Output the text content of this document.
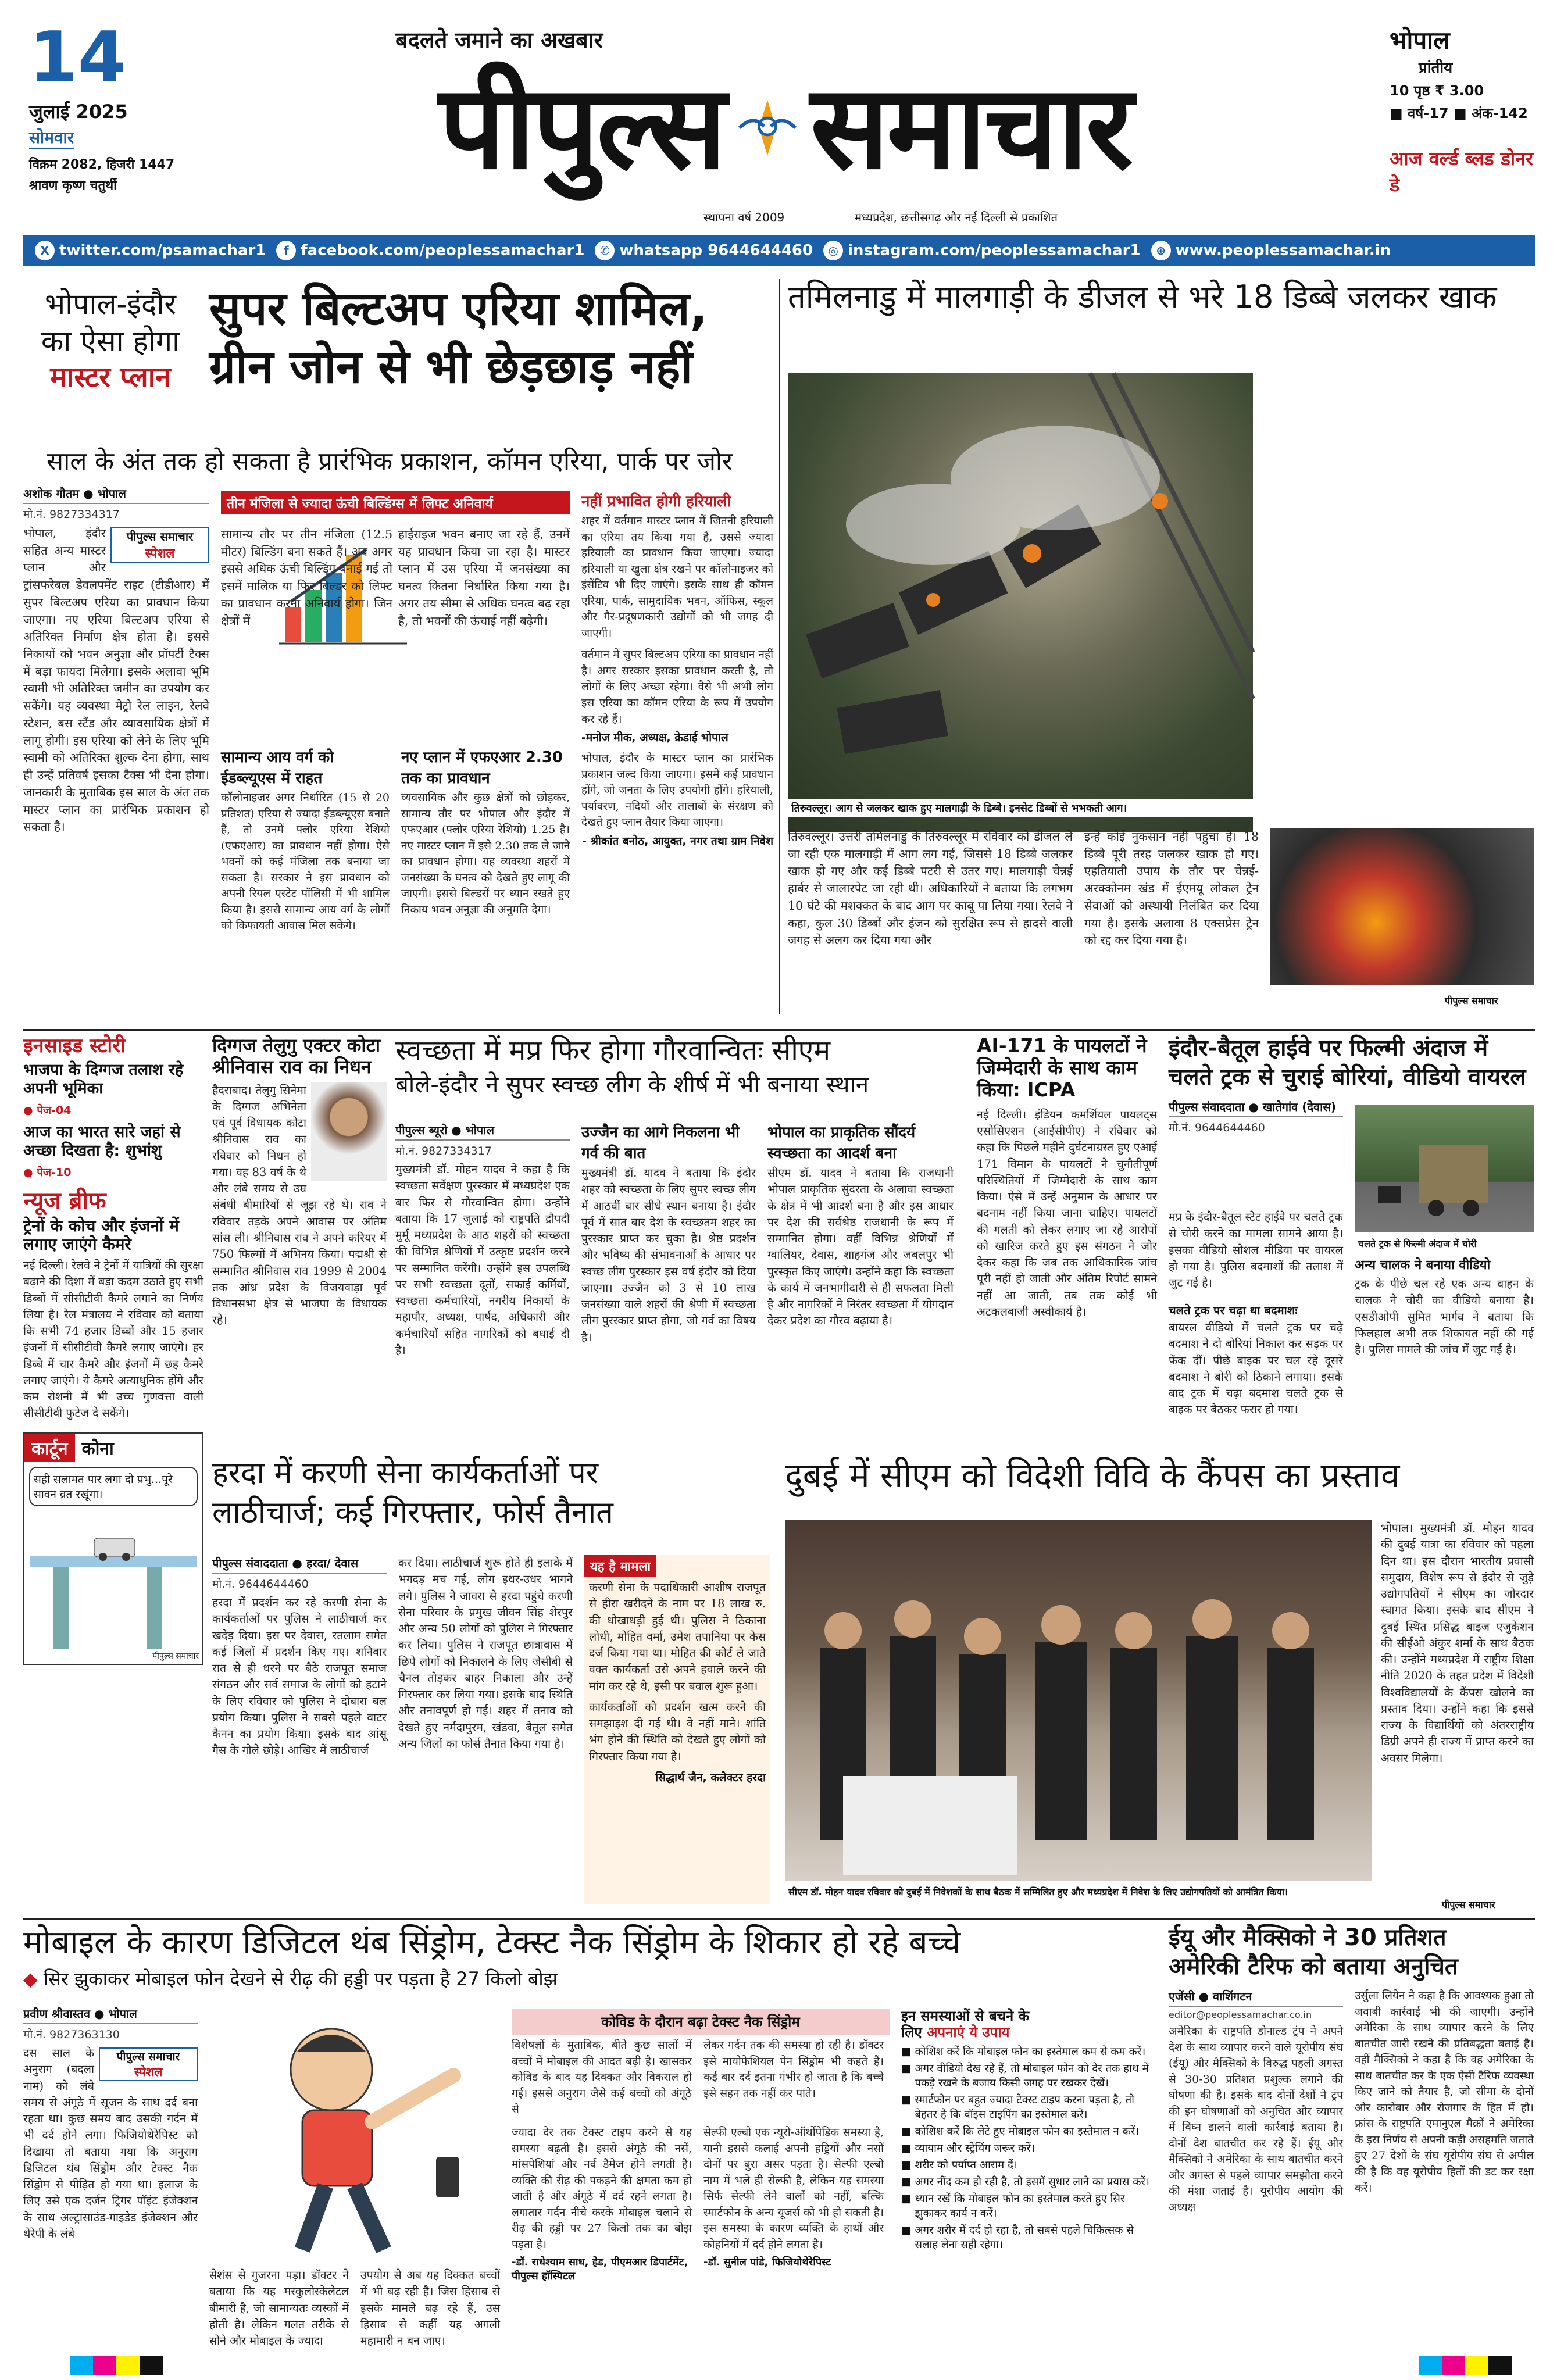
14
जुलाई 2025
सोमवार
विक्रम 2082, हिजरी 1447
श्रावण कृष्ण चतुर्थी
बदलते जमाने का अखबार
पीपुल्स समाचार
स्थापना वर्ष 2009	मध्यप्रदेश, छत्तीसगढ़ और नई दिल्ली से प्रकाशित
भोपाल
प्रांतीय
10 पृष्ठ ₹ 3.00
■ वर्ष-17 ■ अंक-142
आज वर्ल्ड ब्लड डोनर डे
X twitter.com/psamachar1	f facebook.com/peoplessamachar1	✆ whatsapp 9644644460	◎ instagram.com/peoplessamachar1	⊕ www.peoplessamachar.in
भोपाल-इंदौर
का ऐसा होगा
मास्टर प्लान
सुपर बिल्टअप एरिया शामिल,
ग्रीन जोन से भी छेड़छाड़ नहीं
साल के अंत तक हो सकता है प्रारंभिक प्रकाशन, कॉमन एरिया, पार्क पर जोर
अशोक गौतम ● भोपाल
मो.नं. 9827334317
पीपुल्स समाचार
स्पेशल
भोपाल, इंदौर सहित अन्य मास्टर प्लान और ट्रांसफरेबल डेवलपमेंट राइट (टीडीआर) में सुपर बिल्टअप एरिया का प्रावधान किया जाएगा। नए एरिया बिल्टअप एरिया से अतिरिक्त निर्माण क्षेत्र होता है। इससे निकायों को भवन अनुज्ञा और प्रॉपर्टी टैक्स में बड़ा फायदा मिलेगा। इसके अलावा भूमि स्वामी भी अतिरिक्त जमीन का उपयोग कर सकेंगे। यह व्यवस्था मेट्रो रेल लाइन, रेलवे स्टेशन, बस स्टैंड और व्यावसायिक क्षेत्रों में लागू होगी। इस एरिया को लेने के लिए भूमि स्वामी को अतिरिक्त शुल्क देना होगा, साथ ही उन्हें प्रतिवर्ष इसका टैक्स भी देना होगा। जानकारी के मुताबिक इस साल के अंत तक मास्टर प्लान का प्रारंभिक प्रकाशन हो सकता है।
तीन मंजिला से ज्यादा ऊंची बिल्डिंग्स में लिफ्ट अनिवार्य
सामान्य तौर पर तीन मंजिला (12.5 मीटर) बिल्डिंग बना सकते हैं। अब अगर इससे अधिक ऊंची बिल्डिंग बनाई गई तो इसमें मालिक या फिर बिल्डर को लिफ्ट का प्रावधान करना अनिवार्य होगा। जिन क्षेत्रों में
हाईराइज भवन बनाए जा रहे हैं, उनमें यह प्रावधान किया जा रहा है। मास्टर प्लान में उस एरिया में जनसंख्या का घनत्व कितना निर्धारित किया गया है। अगर तय सीमा से अधिक घनत्व बढ़ रहा है, तो भवनों की ऊंचाई नहीं बढ़ेगी।
सामान्य आय वर्ग को ईडब्ल्यूएस में राहत
कॉलोनाइजर अगर निर्धारित (15 से 20 प्रतिशत) एरिया से ज्यादा ईडब्ल्यूएस बनाते हैं, तो उनमें फ्लोर एरिया रेशियो (एफएआर) का प्रावधान नहीं होगा। ऐसे भवनों को कई मंजिला तक बनाया जा सकता है। सरकार ने इस प्रावधान को अपनी रियल एस्टेट पॉलिसी में भी शामिल किया है। इससे सामान्य आय वर्ग के लोगों को किफायती आवास मिल सकेंगे।
नए प्लान में एफएआर 2.30 तक का प्रावधान
व्यवसायिक और कुछ क्षेत्रों को छोड़कर, सामान्य तौर पर भोपाल और इंदौर में एफएआर (फ्लोर एरिया रेशियो) 1.25 है। नए मास्टर प्लान में इसे 2.30 तक ले जाने का प्रावधान होगा। यह व्यवस्था शहरों में जनसंख्या के घनत्व को देखते हुए लागू की जाएगी। इससे बिल्डरों पर ध्यान रखते हुए निकाय भवन अनुज्ञा की अनुमति देगा।
नहीं प्रभावित होगी हरियाली
शहर में वर्तमान मास्टर प्लान में जितनी हरियाली का एरिया तय किया गया है, उससे ज्यादा हरियाली का प्रावधान किया जाएगा। ज्यादा हरियाली या खुला क्षेत्र रखने पर कॉलोनाइजर को इंसेंटिव भी दिए जाएंगे। इसके साथ ही कॉमन एरिया, पार्क, सामुदायिक भवन, ऑफिस, स्कूल और गैर-प्रदूषणकारी उद्योगों को भी जगह दी जाएगी।
वर्तमान में सुपर बिल्टअप एरिया का प्रावधान नहीं है। अगर सरकार इसका प्रावधान करती है, तो लोगों के लिए अच्छा रहेगा। वैसे भी अभी लोग इस एरिया का कॉमन एरिया के रूप में उपयोग कर रहे हैं।
-मनोज मीक, अध्यक्ष, क्रेडाई भोपाल
भोपाल, इंदौर के मास्टर प्लान का प्रारंभिक प्रकाशन जल्द किया जाएगा। इसमें कई प्रावधान होंगे, जो जनता के लिए उपयोगी होंगे। हरियाली, पर्यावरण, नदियों और तालाबों के संरक्षण को देखते हुए प्लान तैयार किया जाएगा।
- श्रीकांत बनोठ, आयुक्त, नगर तथा ग्राम निवेश
तमिलनाडु में मालगाड़ी के डीजल से भरे 18 डिब्बे जलकर खाक
तिरुवल्लूर। आग से जलकर खाक हुए मालगाड़ी के डिब्बे। इनसेट डिब्बों से भभकती आग।
तिरुवल्लूर। उत्तरी तमिलनाडु के तिरुवल्लूर में रविवार को डीजल ले जा रही एक मालगाड़ी में आग लग गई, जिससे 18 डिब्बे जलकर खाक हो गए और कई डिब्बे पटरी से उतर गए। मालगाड़ी चेन्नई हार्बर से जालारपेट जा रही थी। अधिकारियों ने बताया कि लगभग 10 घंटे की मशक्कत के बाद आग पर काबू पा लिया गया। रेलवे ने कहा, कुल 30 डिब्बों और इंजन को सुरक्षित रूप से हादसे वाली जगह से अलग कर दिया गया और
इन्हें कोई नुकसान नहीं पहुंचा है। 18 डिब्बे पूरी तरह जलकर खाक हो गए। एहतियाती उपाय के तौर पर चेन्नई-अरक्कोनम खंड में ईएमयू लोकल ट्रेन सेवाओं को अस्थायी निलंबित कर दिया गया है। इसके अलावा 8 एक्सप्रेस ट्रेन को रद्द कर दिया गया है।
पीपुल्स समाचार
इनसाइड स्टोरी
भाजपा के दिग्गज तलाश रहे अपनी भूमिका
● पेज-04
आज का भारत सारे जहां से अच्छा दिखता है: शुभांशु
● पेज-10
न्यूज ब्रीफ
ट्रेनों के कोच और इंजनों में लगाए जाएंगे कैमरे
नई दिल्ली। रेलवे ने ट्रेनों में यात्रियों की सुरक्षा बढ़ाने की दिशा में बड़ा कदम उठाते हुए सभी डिब्बों में सीसीटीवी कैमरे लगाने का निर्णय लिया है। रेल मंत्रालय ने रविवार को बताया कि सभी 74 हजार डिब्बों और 15 हजार इंजनों में सीसीटीवी कैमरे लगाए जाएंगे। हर डिब्बे में चार कैमरे और इंजनों में छह कैमरे लगाए जाएंगे। ये कैमरे अत्याधुनिक होंगे और कम रोशनी में भी उच्च गुणवत्ता वाली सीसीटीवी फुटेज दे सकेंगे।
कार्टून कोना
सही सलामत पार लगा दो प्रभु...पूरे सावन व्रत रखूंगा।
पीपुल्स समाचार
दिग्गज तेलुगु एक्टर कोटा श्रीनिवास राव का निधन
हैदराबाद। तेलुगु सिनेमा के दिग्गज अभिनेता एवं पूर्व विधायक कोटा श्रीनिवास राव का रविवार को निधन हो गया। वह 83 वर्ष के थे और लंबे समय से उम्र संबंधी बीमारियों से जूझ रहे थे। राव ने रविवार तड़के अपने आवास पर अंतिम सांस ली। श्रीनिवास राव ने अपने करियर में 750 फिल्मों में अभिनय किया। पद्मश्री से सम्मानित श्रीनिवास राव 1999 से 2004 तक आंध्र प्रदेश के विजयवाड़ा पूर्व विधानसभा क्षेत्र से भाजपा के विधायक रहे।
स्वच्छता में मप्र फिर होगा गौरवान्वितः सीएम
बोले-इंदौर ने सुपर स्वच्छ लीग के शीर्ष में भी बनाया स्थान
पीपुल्स ब्यूरो ● भोपाल
मो.नं. 9827334317
मुख्यमंत्री डॉ. मोहन यादव ने कहा है कि स्वच्छता सर्वेक्षण पुरस्कार में मध्यप्रदेश एक बार फिर से गौरवान्वित होगा। उन्होंने बताया कि 17 जुलाई को राष्ट्रपति द्रौपदी मुर्मू मध्यप्रदेश के आठ शहरों को स्वच्छता की विभिन्न श्रेणियों में उत्कृष्ट प्रदर्शन करने पर सम्मानित करेंगी। उन्होंने इस उपलब्धि पर सभी स्वच्छता दूतों, सफाई कर्मियों, स्वच्छता कर्मचारियों, नगरीय निकायों के महापौर, अध्यक्ष, पार्षद, अधिकारी और कर्मचारियों सहित नागरिकों को बधाई दी है।
उज्जैन का आगे निकलना भी गर्व की बात
मुख्यमंत्री डॉ. यादव ने बताया कि इंदौर शहर को स्वच्छता के लिए सुपर स्वच्छ लीग में आठवीं बार सीधे स्थान बनाया है। इंदौर पूर्व में सात बार देश के स्वच्छतम शहर का पुरस्कार प्राप्त कर चुका है। श्रेष्ठ प्रदर्शन और भविष्य की संभावनाओं के आधार पर स्वच्छ लीग पुरस्कार इस वर्ष इंदौर को दिया जाएगा। उज्जैन को 3 से 10 लाख जनसंख्या वाले शहरों की श्रेणी में स्वच्छता लीग पुरस्कार प्राप्त होगा, जो गर्व का विषय है।
भोपाल का प्राकृतिक सौंदर्य स्वच्छता का आदर्श बना
सीएम डॉ. यादव ने बताया कि राजधानी भोपाल प्राकृतिक सुंदरता के अलावा स्वच्छता के क्षेत्र में भी आदर्श बना है और इस आधार पर देश की सर्वश्रेष्ठ राजधानी के रूप में सम्मानित होगा। वहीं विभिन्न श्रेणियों में ग्वालियर, देवास, शाहगंज और जबलपुर भी पुरस्कृत किए जाएंगे। उन्होंने कहा कि स्वच्छता के कार्य में जनभागीदारी से ही सफलता मिली है और नागरिकों ने निरंतर स्वच्छता में योगदान देकर प्रदेश का गौरव बढ़ाया है।
AI-171 के पायलटों ने जिम्मेदारी के साथ काम किया: ICPA
नई दिल्ली। इंडियन कमर्शियल पायलट्स एसोसिएशन (आईसीपीए) ने रविवार को कहा कि पिछले महीने दुर्घटनाग्रस्त हुए एआई 171 विमान के पायलटों ने चुनौतीपूर्ण परिस्थितियों में जिम्मेदारी के साथ काम किया। ऐसे में उन्हें अनुमान के आधार पर बदनाम नहीं किया जाना चाहिए। पायलटों की गलती को लेकर लगाए जा रहे आरोपों को खारिज करते हुए इस संगठन ने जोर देकर कहा कि जब तक आधिकारिक जांच पूरी नहीं हो जाती और अंतिम रिपोर्ट सामने नहीं आ जाती, तब तक कोई भी अटकलबाजी अस्वीकार्य है।
इंदौर-बैतूल हाईवे पर फिल्मी अंदाज में
चलते ट्रक से चुराई बोरियां, वीडियो वायरल
पीपुल्स संवाददाता ● खातेगांव (देवास)
मो.नं. 9644644460
मप्र के इंदौर-बैतूल स्टेट हाईवे पर चलते ट्रक से चोरी करने का मामला सामने आया है। इसका वीडियो सोशल मीडिया पर वायरल हो गया है। पुलिस बदमाशों की तलाश में जुट गई है।
चलते ट्रक पर चढ़ा था बदमाशः
बायरल वीडियो में चलते ट्रक पर चढ़े बदमाश ने दो बोरियां निकाल कर सड़क पर फेंक दीं। पीछे बाइक पर चल रहे दूसरे बदमाश ने बोरी को ठिकाने लगाया। इसके बाद ट्रक में चढ़ा बदमाश चलते ट्रक से बाइक पर बैठकर फरार हो गया।
चलते ट्रक से फिल्मी अंदाज में चोरी
अन्य चालक ने बनाया वीडियो
ट्रक के पीछे चल रहे एक अन्य वाहन के चालक ने चोरी का वीडियो बनाया है। एसडीओपी सुमित भार्गव ने बताया कि फिलहाल अभी तक शिकायत नहीं की गई है। पुलिस मामले की जांच में जुट गई है।
हरदा में करणी सेना कार्यकर्ताओं पर
लाठीचार्ज; कई गिरफ्तार, फोर्स तैनात
पीपुल्स संवाददाता ● हरदा/ देवास
मो.नं. 9644644460
हरदा में प्रदर्शन कर रहे करणी सेना के कार्यकर्ताओं पर पुलिस ने लाठीचार्ज कर खदेड़ दिया। इस पर देवास, रतलाम समेत कई जिलों में प्रदर्शन किए गए। शनिवार रात से ही धरने पर बैठे राजपूत समाज संगठन और सर्व समाज के लोगों को हटाने के लिए रविवार को पुलिस ने दोबारा बल प्रयोग किया। पुलिस ने सबसे पहले वाटर कैनन का प्रयोग किया। इसके बाद आंसू गैस के गोले छोड़े। आखिर में लाठीचार्ज
कर दिया। लाठीचार्ज शुरू होते ही इलाके में भगदड़ मच गई, लोग इधर-उधर भागने लगे। पुलिस ने जावरा से हरदा पहुंचे करणी सेना परिवार के प्रमुख जीवन सिंह शेरपुर और अन्य 50 लोगों को पुलिस ने गिरफ्तार कर लिया। पुलिस ने राजपूत छात्रावास में छिपे लोगों को निकालने के लिए जेसीबी से चैनल तोड़कर बाहर निकाला और उन्हें गिरफ्तार कर लिया गया। इसके बाद स्थिति और तनावपूर्ण हो गई। शहर में तनाव को देखते हुए नर्मदापुरम, खंडवा, बैतूल समेत अन्य जिलों का फोर्स तैनात किया गया है।
यह है मामला
करणी सेना के पदाधिकारी आशीष राजपूत से हीरा खरीदने के नाम पर 18 लाख रु. की धोखाधड़ी हुई थी। पुलिस ने ठिकाना लोधी, मोहित वर्मा, उमेश तपानिया पर केस दर्ज किया गया था। मोहित की कोर्ट ले जाते वक्त कार्यकर्ता उसे अपने हवाले करने की मांग कर रहे थे, इसी पर बवाल शुरू हुआ।
कार्यकर्ताओं को प्रदर्शन खत्म करने की समझाइश दी गई थी। वे नहीं माने। शांति भंग होने की स्थिति को देखते हुए लोगों को गिरफ्तार किया गया है।
सिद्धार्थ जैन, कलेक्टर हरदा
दुबई में सीएम को विदेशी विवि के कैंपस का प्रस्ताव
सीएम डॉ. मोहन यादव रविवार को दुबई में निवेशकों के साथ बैठक में सम्मिलित हुए और मध्यप्रदेश में निवेश के लिए उद्योगपतियों को आमंत्रित किया।
भोपाल। मुख्यमंत्री डॉ. मोहन यादव की दुबई यात्रा का रविवार को पहला दिन था। इस दौरान भारतीय प्रवासी समुदाय, विशेष रूप से इंदौर से जुड़े उद्योगपतियों ने सीएम का जोरदार स्वागत किया। इसके बाद सीएम ने दुबई स्थित प्रसिद्ध बाइज एजुकेशन की सीईओ अंकुर शर्मा के साथ बैठक की। उन्होंने मध्यप्रदेश में राष्ट्रीय शिक्षा नीति 2020 के तहत प्रदेश में विदेशी विश्वविद्यालयों के कैंपस खोलने का प्रस्ताव दिया। उन्होंने कहा कि इससे राज्य के विद्यार्थियों को अंतरराष्ट्रीय डिग्री अपने ही राज्य में प्राप्त करने का अवसर मिलेगा।
पीपुल्स समाचार
मोबाइल के कारण डिजिटल थंब सिंड्रोम, टेक्स्ट नैक सिंड्रोम के शिकार हो रहे बच्चे
◆ सिर झुकाकर मोबाइल फोन देखने से रीढ़ की हड्डी पर पड़ता है 27 किलो बोझ
प्रवीण श्रीवास्तव ● भोपाल
मो.नं. 9827363130
पीपुल्स समाचार
स्पेशल
दस साल के अनुराग (बदला नाम) को लंबे समय से अंगूठे में सूजन के साथ दर्द बना रहता था। कुछ समय बाद उसकी गर्दन में भी दर्द होने लगा। फिजियोथेरेपिस्ट को दिखाया तो बताया गया कि अनुराग डिजिटल थंब सिंड्रोम और टेक्स्ट नैक सिंड्रोम से पीड़ित हो गया था। इलाज के लिए उसे एक दर्जन ट्रिगर पॉइंट इंजेक्शन के साथ अल्ट्रासाउंड-गाइडेड इंजेक्शन और थेरेपी के लंबे
सेशंस से गुजरना पड़ा। डॉक्टर ने बताया कि यह मस्कुलोस्केलेटल बीमारी है, जो सामान्यतः व्यस्कों में होती है। लेकिन गलत तरीके से सोने और मोबाइल के ज्यादा
उपयोग से अब यह दिक्कत बच्चों में भी बढ़ रही है। जिस हिसाब से इसके मामले बढ़ रहे हैं, उस हिसाब से कहीं यह अगली महामारी न बन जाए।
कोविड के दौरान बढ़ा टेक्स्ट नैक सिंड्रोम
विशेषज्ञों के मुताबिक, बीते कुछ सालों में बच्चों में मोबाइल की आदत बढ़ी है। खासकर कोविड के बाद यह दिक्कत और विकराल हो गई। इससे अनुराग जैसे कई बच्चों को अंगूठे से
लेकर गर्दन तक की समस्या हो रही है। डॉक्टर इसे मायोफेशियल पेन सिंड्रोम भी कहते हैं। कई बार दर्द इतना गंभीर हो जाता है कि बच्चे इसे सहन तक नहीं कर पाते।
ज्यादा देर तक टेक्स्ट टाइप करने से यह समस्या बढ़ती है। इससे अंगूठे की नसें, मांसपेशियां और नर्व डैमेज होने लगती हैं। व्यक्ति की रीढ़ की पकड़ने की क्षमता कम हो जाती है और अंगूठे में दर्द रहने लगता है। लगातार गर्दन नीचे करके मोबाइल चलाने से रीढ़ की हड्डी पर 27 किलो तक का बोझ पड़ता है।
-डॉ. राधेश्याम साध, हेड, पीएमआर डिपार्टमेंट, पीपुल्स हॉस्पिटल
सेल्फी एल्बो एक न्यूरो-ऑर्थोपेडिक समस्या है, यानी इससे कलाई अपनी हड्डियों और नसों दोनों पर बुरा असर पड़ता है। सेल्फी एल्बो नाम में भले ही सेल्फी है, लेकिन यह समस्या सिर्फ सेल्फी लेने वालों को नहीं, बल्कि स्मार्टफोन के अन्य यूजर्स को भी हो सकती है। इस समस्या के कारण व्यक्ति के हाथों और कोहनियों में दर्द होने लगता है।
-डॉ. सुनील पांडे, फिजियोथेरेपिस्ट
इन समस्याओं से बचने के
लिए अपनाएं ये उपाय
■ कोशिश करें कि मोबाइल फोन का इस्तेमाल कम से कम करें।
■ अगर वीडियो देख रहे हैं, तो मोबाइल फोन को देर तक हाथ में पकड़े रखने के बजाय किसी जगह पर रखकर देखें।
■ स्मार्टफोन पर बहुत ज्यादा टेक्स्ट टाइप करना पड़ता है, तो बेहतर है कि वॉइस टाइपिंग का इस्तेमाल करें।
■ कोशिश करें कि लेटे हुए मोबाइल फोन का इस्तेमाल न करें।
■ व्यायाम और स्ट्रेचिंग जरूर करें।
■ शरीर को पर्याप्त आराम दें।
■ अगर नींद कम हो रही है, तो इसमें सुधार लाने का प्रयास करें।
■ ध्यान रखें कि मोबाइल फोन का इस्तेमाल करते हुए सिर झुकाकर कार्य न करें।
■ अगर शरीर में दर्द हो रहा है, तो सबसे पहले चिकित्सक से सलाह लेना सही रहेगा।
ईयू और मैक्सिको ने 30 प्रतिशत
अमेरिकी टैरिफ को बताया अनुचित
एजेंसी ● वाशिंगटन
editor@peoplessamachar.co.in
अमेरिका के राष्ट्रपति डोनाल्ड ट्रंप ने अपने देश के साथ व्यापार करने वाले यूरोपीय संघ (ईयू) और मैक्सिको के विरुद्ध पहली अगस्त से 30-30 प्रतिशत प्रशुल्क लगाने की घोषणा की है। इसके बाद दोनों देशों ने ट्रंप की इन घोषणाओं को अनुचित और व्यापार में विघ्न डालने वाली कार्रवाई बताया है। दोनों देश बातचीत कर रहे हैं। ईयू और मैक्सिको ने अमेरिका के साथ बातचीत करने और अगस्त से पहले व्यापार समझौता करने की मंशा जताई है। यूरोपीय आयोग की अध्यक्ष
उर्सुला लियेन ने कहा है कि आवश्यक हुआ तो जवाबी कार्रवाई भी की जाएगी। उन्होंने अमेरिका के साथ व्यापार करने के लिए बातचीत जारी रखने की प्रतिबद्धता बताई है। वहीं मैक्सिको ने कहा है कि वह अमेरिका के साथ बातचीत कर के एक ऐसी टैरिफ व्यवस्था किए जाने को तैयार है, जो सीमा के दोनों ओर कारोबार और रोजगार के हित में हो। फ्रांस के राष्ट्रपति एमानुएल मैक्रों ने अमेरिका के इस निर्णय से अपनी कड़ी असहमति जताते हुए 27 देशों के संघ यूरोपीय संघ से अपील की है कि वह यूरोपीय हितों की डट कर रक्षा करें।
